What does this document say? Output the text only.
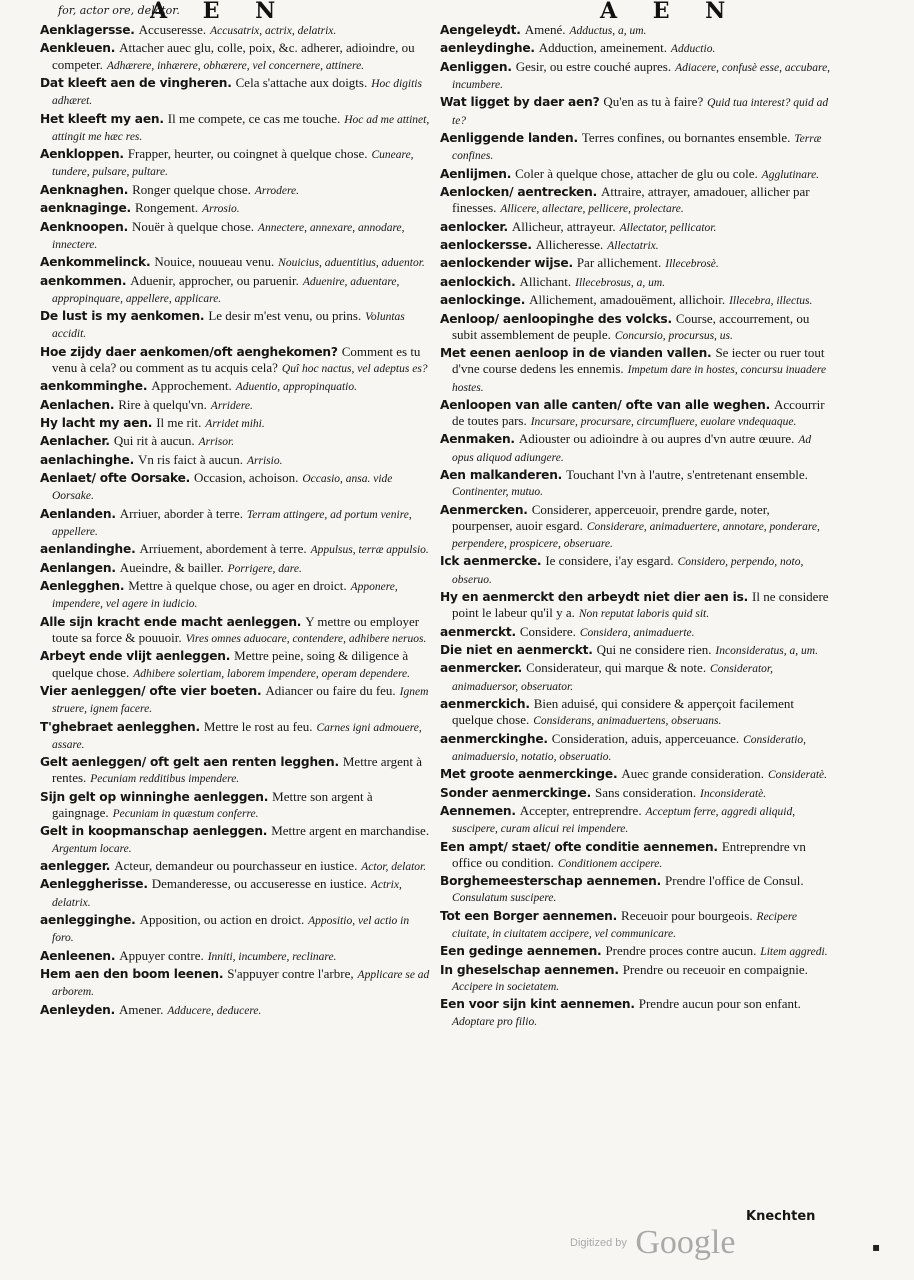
for, actor ore, delator.
A E N	A E N

Aenklagersse. Accuseresse. Accusatrix, actrix, delatrix.

Aenkleuen. Attacher auec glu, colle, poix, &c. adherer, adioindre, ou competer. Adhærere, inhærere, obhærere, vel concernere, attinere.

Dat kleeft aen de vingheren. Cela s'attache aux doigts. Hoc digitis adhæret.

Het kleeft my aen. Il me compete, ce cas me touche. Hoc ad me attinet, attingit me hæc res.

Aenkloppen. Frapper, heurter, ou coingnet à quelque chose. Cuneare, tundere, pulsare, pultare.

Aenknaghen. Ronger quelque chose. Arrodere.

aenknaginge. Rongement. Arrosio.

Aenknoopen. Nouër à quelque chose. Annectere, annexare, annodare, innectere.

Aenkommelinck. Nouice, nouueau venu. Nouicius, aduentitius, aduentor.

aenkommen. Aduenir, approcher, ou paruenir. Aduenire, aduentare, appropinquare, appellere, applicare.

De lust is my aenkomen. Le desir m'est venu, ou prins. Voluntas accidit.

Hoe zijdy daer aenkomen/oft aenghekomen? Comment es tu venu à cela? ou comment as tu acquis cela? Quî hoc nactus, vel adeptus es?

aenkomminghe. Approchement. Aduentio, appropinquatio.

Aenlachen. Rire à quelqu'vn. Arridere.

Hy lacht my aen. Il me rit. Arridet mihi.

Aenlacher. Qui rit à aucun. Arrisor.

aenlachinghe. Vn ris faict à aucun. Arrisio.

Aenlaet/ ofte Oorsake. Occasion, achoison. Occasio, ansa. vide Oorsake.

Aenlanden. Arriuer, aborder à terre. Terram attingere, ad portum venire, appellere.

aenlandinghe. Arriuement, abordement à terre. Appulsus, terræ appulsio.

Aenlangen. Aueindre, & bailler. Porrigere, dare.

Aenlegghen. Mettre à quelque chose, ou ager en droict. Apponere, impendere, vel agere in iudicio.

Alle sijn kracht ende macht aenleggen. Y mettre ou employer toute sa force & pouuoir. Vires omnes aduocare, contendere, adhibere neruos.

Arbeyt ende vlijt aenleggen. Mettre peine, soing & diligence à quelque chose. Adhibere solertiam, laborem impendere, operam dependere.

Vier aenleggen/ ofte vier boeten. Adiancer ou faire du feu. Ignem struere, ignem facere.

T'ghebraet aenlegghen. Mettre le rost au feu. Carnes igni admouere, assare.

Gelt aenleggen/ oft gelt aen renten legghen. Mettre argent à rentes. Pecuniam redditibus impendere.

Sijn gelt op winninghe aenleggen. Mettre son argent à gaingnage. Pecuniam in quæstum conferre.

Gelt in koopmanschap aenleggen. Mettre argent en marchandise. Argentum locare.

aenlegger. Acteur, demandeur ou pourchasseur en iustice. Actor, delator.

Aenleggherisse. Demanderesse, ou accuseresse en iustice. Actrix, delatrix.

aenlegginghe. Apposition, ou action en droict. Appositio, vel actio in foro.

Aenleenen. Appuyer contre. Inniti, incumbere, reclinare.

Hem aen den boom leenen. S'appuyer contre l'arbre, Applicare se ad arborem.

Aenleyden. Amener. Adducere, deducere.

Aengeleydt. Amené. Adductus, a, um.

aenleydinghe. Adduction, ameinement. Adductio.

Aenliggen. Gesir, ou estre couché aupres. Adiacere, confusè esse, accubare, incumbere.

Wat ligget by daer aen? Qu'en as tu à faire? Quid tua interest? quid ad te?

Aenliggende landen. Terres confines, ou bornantes ensemble. Terræ confines.

Aenlijmen. Coler à quelque chose, attacher de glu ou cole. Agglutinare.

Aenlocken/ aentrecken. Attraire, attrayer, amadouer, allicher par finesses. Allicere, allectare, pellicere, prolectare.

aenlocker. Allicheur, attrayeur. Allectator, pellicator.

aenlockersse. Allicheresse. Allectatrix.

aenlockender wijse. Par allichement. Illecebrosè.

aenlockich. Allichant. Illecebrosus, a, um.

aenlockinge. Allichement, amadouëment, allichoir. Illecebra, illectus.

Aenloop/ aenloopinghe des volcks. Course, accourrement, ou subit assemblement de peuple. Concursio, procursus, us.

Met eenen aenloop in de vianden vallen. Se iecter ou ruer tout d'vne course dedens les ennemis. Impetum dare in hostes, concursu inuadere hostes.

Aenloopen van alle canten/ ofte van alle weghen. Accourrir de toutes pars. Incursare, procursare, circumfluere, euolare vndequaque.

Aenmaken. Adiouster ou adioindre à ou aupres d'vn autre œuure. Ad opus aliquod adiungere.

Aen malkanderen. Touchant l'vn à l'autre, s'entretenant ensemble. Continenter, mutuo.

Aenmercken. Considerer, apperceuoir, prendre garde, noter, pourpenser, auoir esgard. Considerare, animaduertere, annotare, ponderare, perpendere, prospicere, obseruare.

Ick aenmercke. Ie considere, i'ay esgard. Considero, perpendo, noto, obseruo.

Hy en aenmerckt den arbeydt niet dier aen is. Il ne considere point le labeur qu'il y a. Non reputat laboris quid sit.

aenmerckt. Considere. Considera, animaduerte.

Die niet en aenmerckt. Qui ne considere rien. Inconsideratus, a, um.

aenmercker. Considerateur, qui marque & note. Considerator, animaduersor, obseruator.

aenmerckich. Bien aduisé, qui considere & apperçoit facilement quelque chose. Considerans, animaduertens, obseruans.

aenmerckinghe. Consideration, aduis, apperceuance. Consideratio, animaduersio, notatio, obseruatio.

Met groote aenmerckinge. Auec grande consideration. Consideratè.

Sonder aenmerckinge. Sans consideration. Inconsideratè.

Aennemen. Accepter, entreprendre. Acceptum ferre, aggredi aliquid, suscipere, curam alicui rei impendere.

Een ampt/ staet/ ofte conditie aennemen. Entreprendre vn office ou condition. Conditionem accipere.

Borghemeesterschap aennemen. Prendre l'office de Consul. Consulatum suscipere.

Tot een Borger aennemen. Receuoir pour bourgeois. Recipere ciuitate, in ciuitatem accipere, vel communicare.

Een gedinge aennemen. Prendre proces contre aucun. Litem aggredi.

In gheselschap aennemen. Prendre ou receuoir en compaignie. Accipere in societatem.

Een voor sijn kint aennemen. Prendre aucun pour son enfant. Adoptare pro filio.

Knechten
Digitized by Google	▪
